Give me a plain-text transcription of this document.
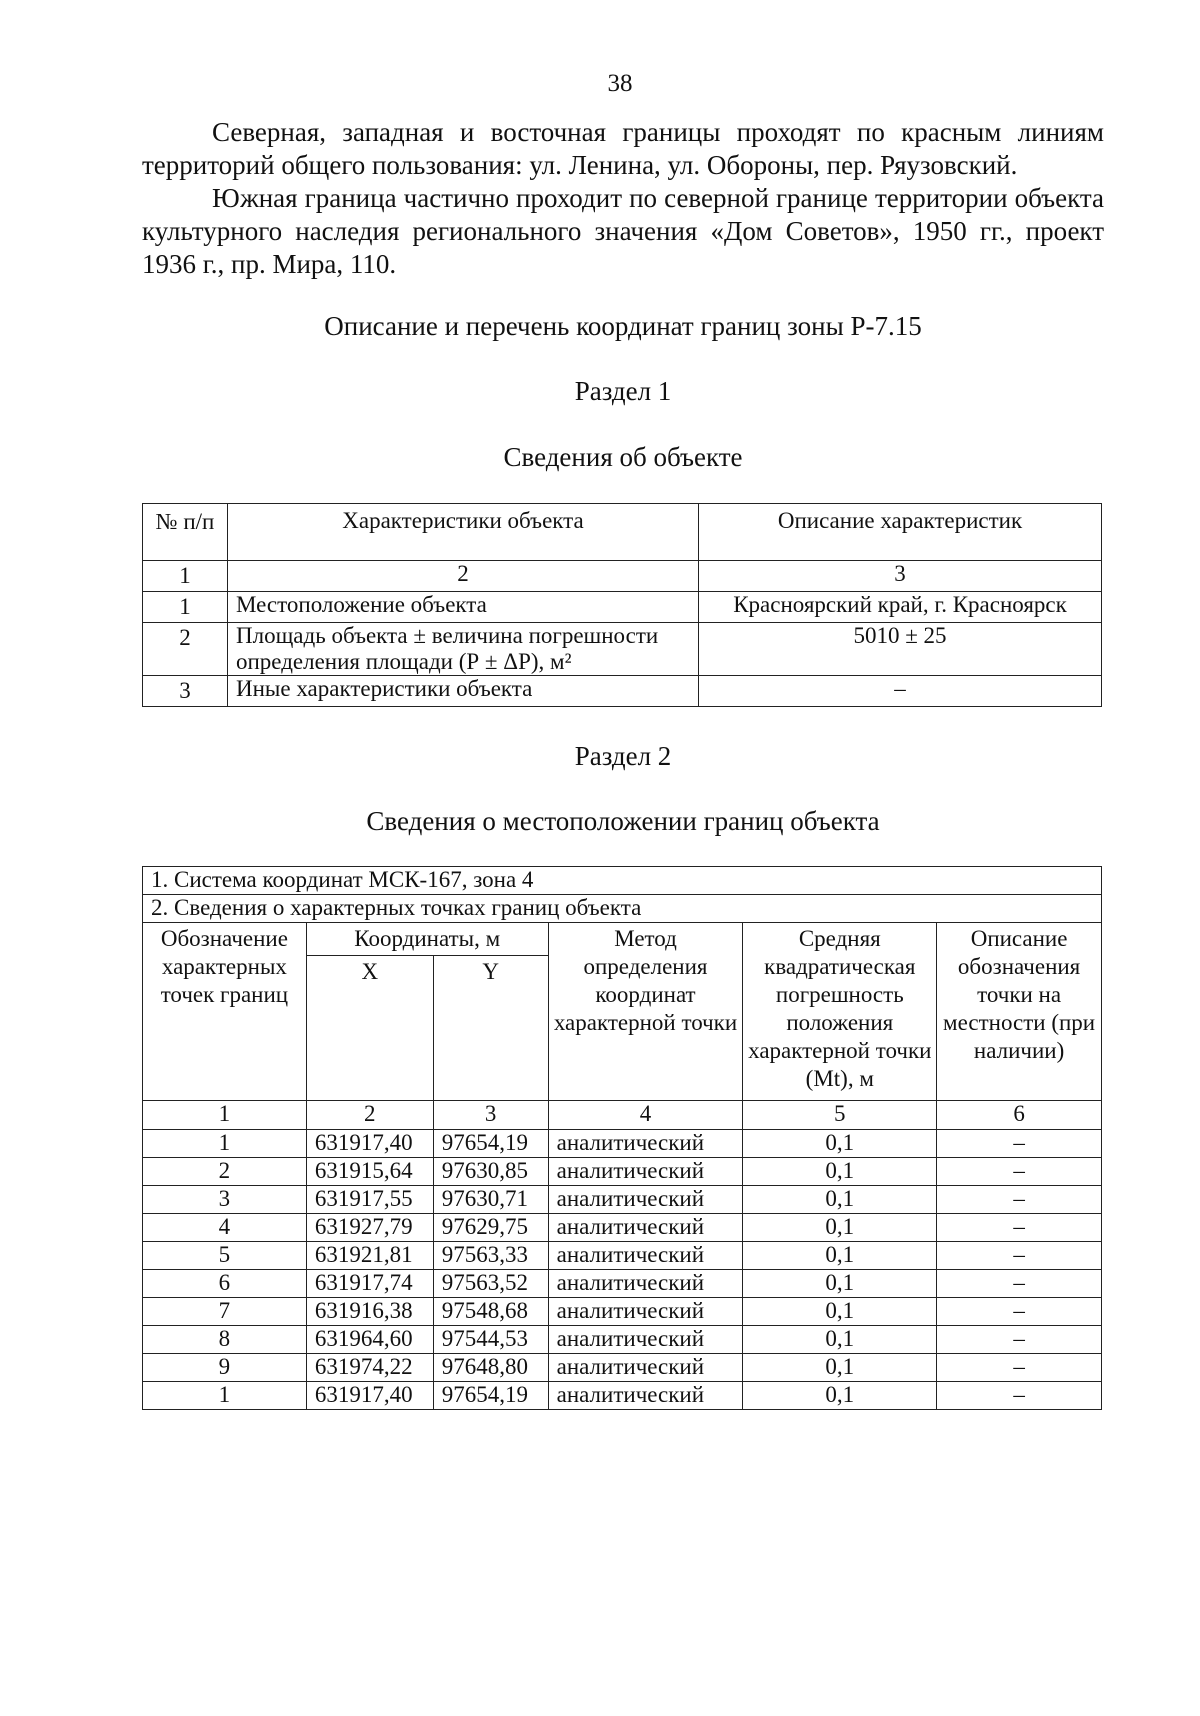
38

Северная, западная и восточная границы проходят по красным линиям территорий общего пользования: ул. Ленина, ул. Обороны, пер. Ряузовский.

Южная граница частично проходит по северной границе территории объекта культурного наследия регионального значения «Дом Советов», 1950 гг., проект 1936 г., пр. Мира, 110.

Описание и перечень координат границ зоны Р-7.15
Раздел 1
Сведения об объекте
№ п/п	Характеристики объекта	Описание характеристик
1	2	3
1	Местоположение объекта	Красноярский край, г. Красноярск
2	Площадь объекта ± величина погрешности определения площади (Р ± ΔР), м²	5010 ± 25
3	Иные характеристики объекта	–
Раздел 2
Сведения о местоположении границ объекта
1. Система координат МСК-167, зона 4					
2. Сведения о характерных точках границ объекта					
Обозначение характерных точек границ	Координаты, м		Метод определения координат характерной точки	Средняя квадратическая погрешность положения характерной точки (Mt), м	Описание обозначения точки на местности (при наличии)
	X	Y			
1	2	3	4	5	6
1	631917,40	97654,19	аналитический	0,1	–
2	631915,64	97630,85	аналитический	0,1	–
3	631917,55	97630,71	аналитический	0,1	–
4	631927,79	97629,75	аналитический	0,1	–
5	631921,81	97563,33	аналитический	0,1	–
6	631917,74	97563,52	аналитический	0,1	–
7	631916,38	97548,68	аналитический	0,1	–
8	631964,60	97544,53	аналитический	0,1	–
9	631974,22	97648,80	аналитический	0,1	–
1	631917,40	97654,19	аналитический	0,1	–
